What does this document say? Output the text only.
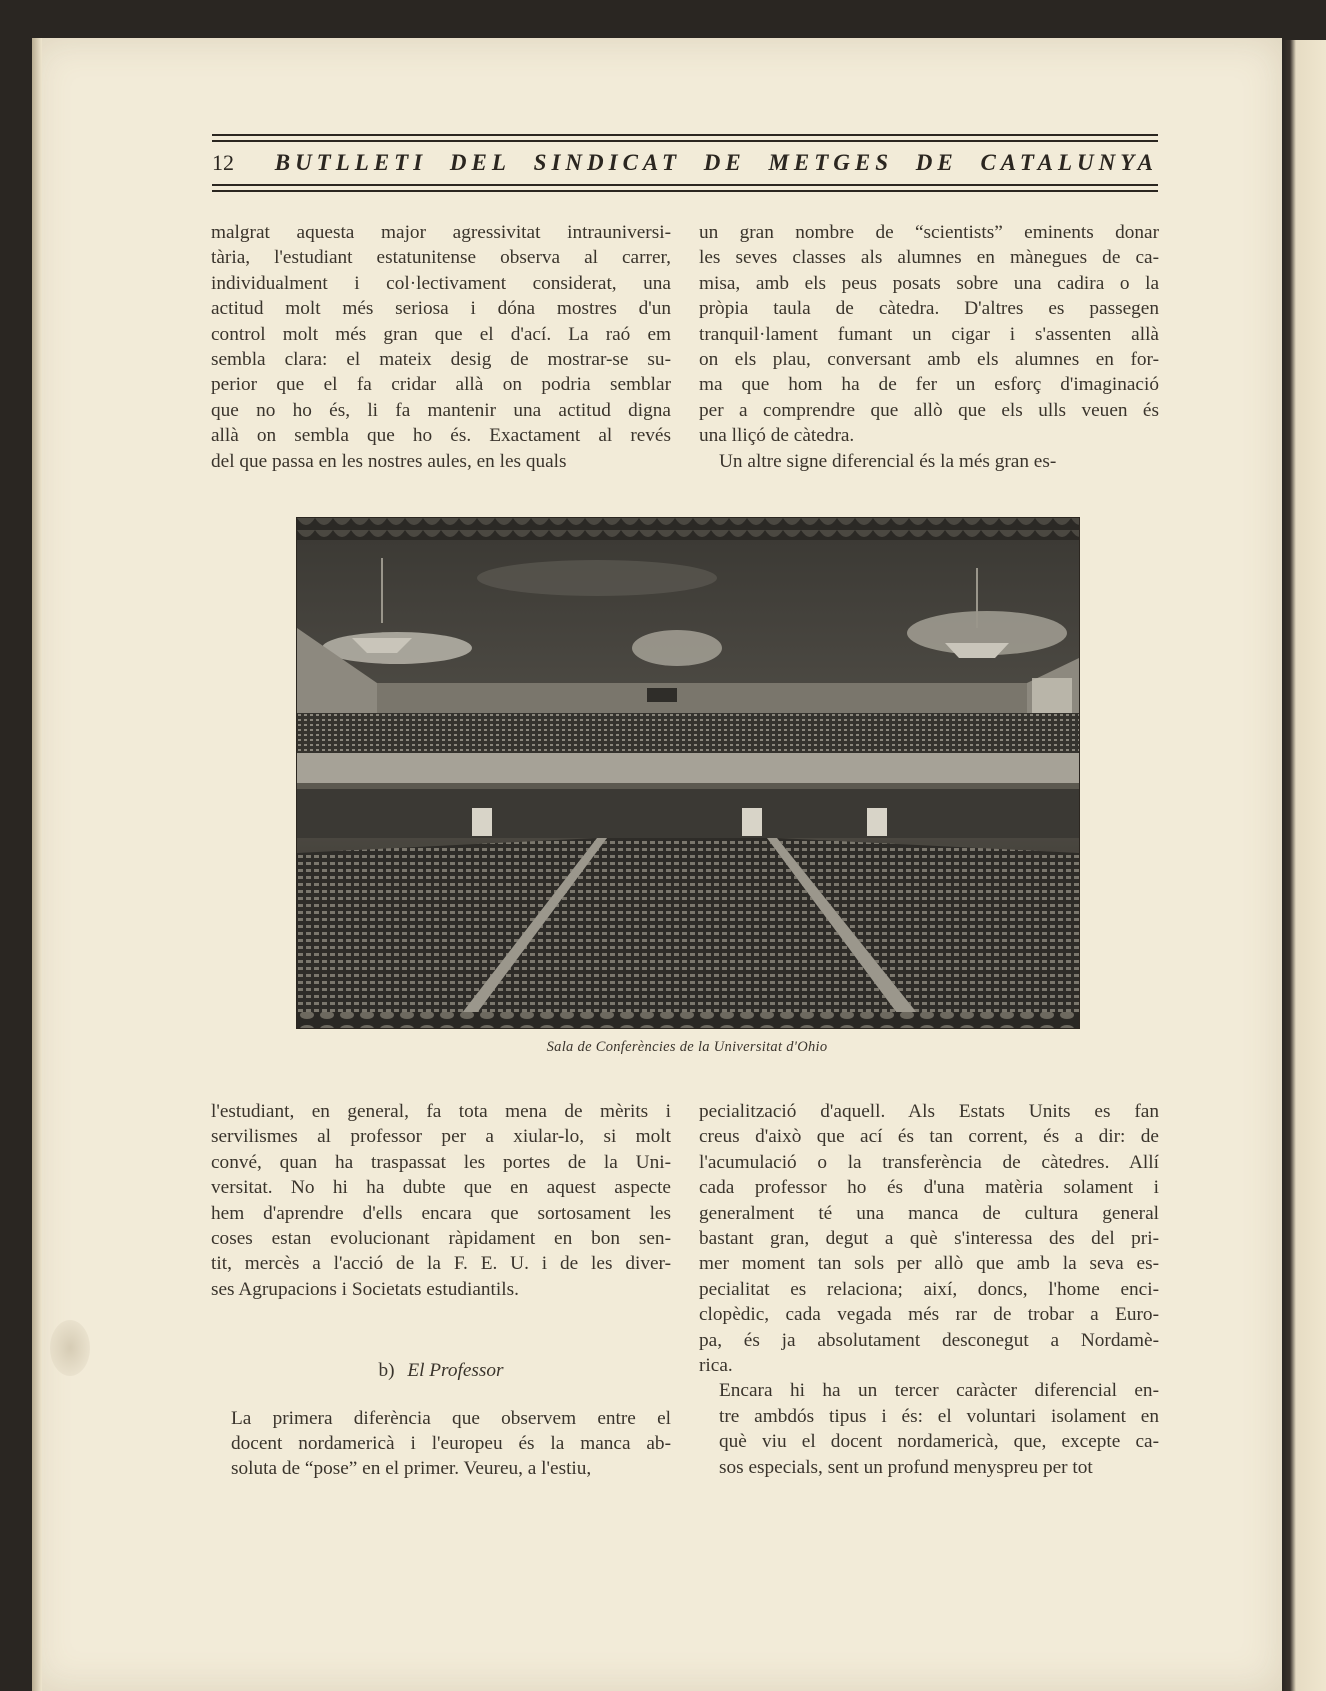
12	BUTLLETI DEL SINDICAT DE METGES DE CATALUNYA

malgrat aquesta major agressivitat intrauniversi-
tària, l'estudiant estatunitense observa al carrer,
individualment i col·lectivament considerat, una
actitud molt més seriosa i dóna mostres d'un
control molt més gran que el d'ací. La raó em
sembla clara: el mateix desig de mostrar-se su-
perior que el fa cridar allà on podria semblar
que no ho és, li fa mantenir una actitud digna
allà on sembla que ho és. Exactament al revés
del que passa en les nostres aules, en les quals

un gran nombre de “scientists” eminents donar
les seves classes als alumnes en mànegues de ca-
misa, amb els peus posats sobre una cadira o la
pròpia taula de càtedra. D'altres es passegen
tranquil·lament fumant un cigar i s'assenten allà
on els plau, conversant amb els alumnes en for-
ma que hom ha de fer un esforç d'imaginació
per a comprendre que allò que els ulls veuen és
una lliçó de càtedra.

Un altre signe diferencial és la més gran es-

Sala de Conferències de la Universitat d'Ohio

l'estudiant, en general, fa tota mena de mèrits i
servilismes al professor per a xiular-lo, si molt
convé, quan ha traspassat les portes de la Uni-
versitat. No hi ha dubte que en aquest aspecte
hem d'aprendre d'ells encara que sortosament les
coses estan evolucionant ràpidament en bon sen-
tit, mercès a l'acció de la F. E. U. i de les diver-
ses Agrupacions i Societats estudiantils.

b) El Professor

La primera diferència que observem entre el
docent nordamericà i l'europeu és la manca ab-
soluta de “pose” en el primer. Veureu, a l'estiu,

pecialització d'aquell. Als Estats Units es fan
creus d'això que ací és tan corrent, és a dir: de
l'acumulació o la transferència de càtedres. Allí
cada professor ho és d'una matèria solament i
generalment té una manca de cultura general
bastant gran, degut a què s'interessa des del pri-
mer moment tan sols per allò que amb la seva es-
pecialitat es relaciona; així, doncs, l'home enci-
clopèdic, cada vegada més rar de trobar a Euro-
pa, és ja absolutament desconegut a Nordamè-
rica.

Encara hi ha un tercer caràcter diferencial en-
tre ambdós tipus i és: el voluntari isolament en
què viu el docent nordamericà, que, excepte ca-
sos especials, sent un profund menyspreu per tot
